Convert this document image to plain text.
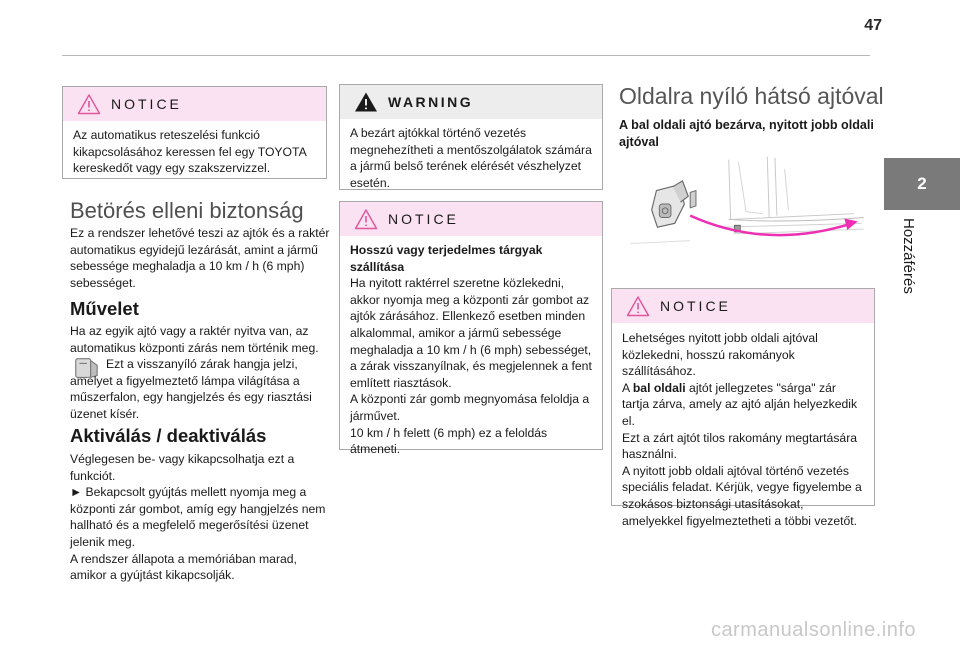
47
2
Hozzáférés
NOTICE
Az automatikus reteszelési funkció kikapcsolásához keressen fel egy TOYOTA kereskedőt vagy egy szakszervizzel.
Betörés elleni biztonság

Ez a rendszer lehetővé teszi az ajtók és a raktér automatikus egyidejű lezárását, amint a jármű sebessége meghaladja a 10 km / h (6 mph) sebességet.

Művelet

Ha az egyik ajtó vagy a raktér nyitva van, az automatikus központi zárás nem történik meg.

Ezt a visszanyíló zárak hangja jelzi, amelyet a figyelmeztető lámpa világítása a műszerfalon, egy hangjelzés és egy riasztási üzenet kísér.

Aktiválás / deaktiválás

Véglegesen be- vagy kikapcsolhatja ezt a funkciót.
► Bekapcsolt gyújtás mellett nyomja meg a központi zár gombot, amíg egy hangjelzés nem hallható és a megfelelő megerősítési üzenet jelenik meg.
A rendszer állapota a memóriában marad, amikor a gyújtást kikapcsolják.

WARNING
A bezárt ajtókkal történő vezetés megnehezítheti a mentőszolgálatok számára a jármű belső terének elérését vészhelyzet esetén.
NOTICE
Hosszú vagy terjedelmes tárgyak szállítása
Ha nyitott raktérrel szeretne közlekedni, akkor nyomja meg a központi zár gombot az ajtók zárásához. Ellenkező esetben minden alkalommal, amikor a jármű sebessége meghaladja a 10 km / h (6 mph) sebességet, a zárak visszanyílnak, és megjelennek a fent említett riasztások.
A központi zár gomb megnyomása feloldja a járművet.
10 km / h felett (6 mph) ez a feloldás átmeneti.
Oldalra nyíló hátsó ajtóval

A bal oldali ajtó bezárva, nyitott jobb oldali ajtóval

NOTICE
Lehetséges nyitott jobb oldali ajtóval közlekedni, hosszú rakományok szállításához.
A bal oldali ajtót jellegzetes "sárga" zár tartja zárva, amely az ajtó alján helyezkedik el.
Ezt a zárt ajtót tilos rakomány megtartására használni.
A nyitott jobb oldali ajtóval történő vezetés speciális feladat. Kérjük, vegye figyelembe a szokásos biztonsági utasításokat, amelyekkel figyelmeztetheti a többi vezetőt.
carmanualsonline.info
